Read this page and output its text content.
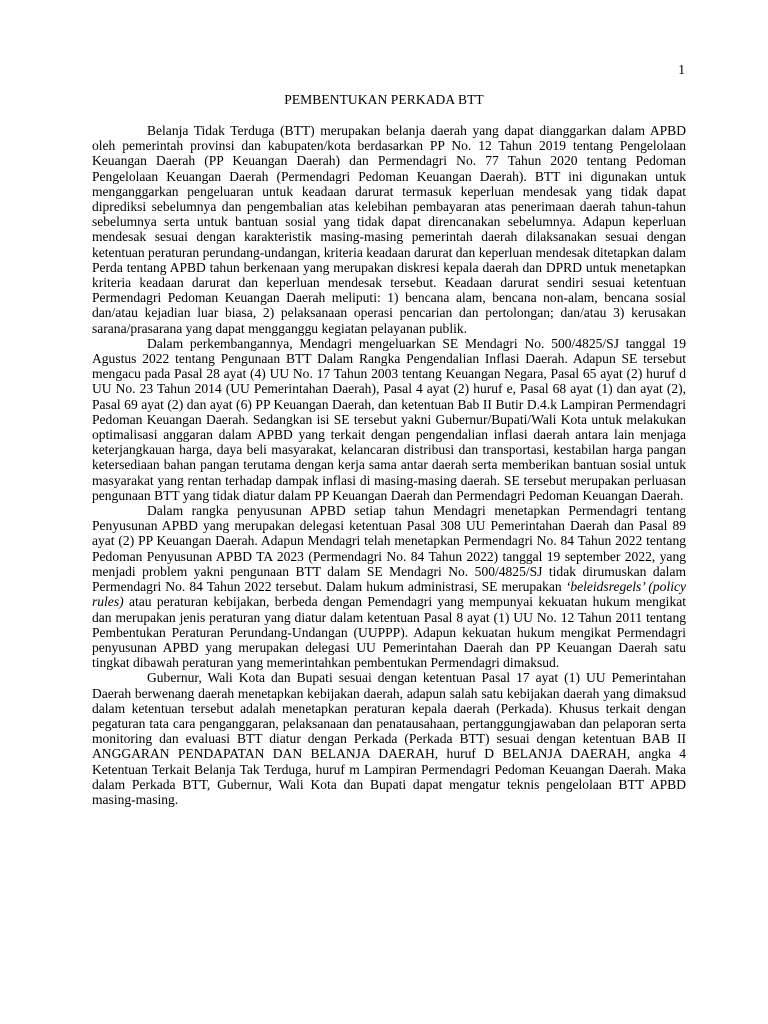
1
PEMBENTUKAN PERKADA BTT

Belanja Tidak Terduga (BTT) merupakan belanja daerah yang dapat dianggarkan dalam APBD oleh pemerintah provinsi dan kabupaten/kota berdasarkan PP No. 12 Tahun 2019 tentang Pengelolaan Keuangan Daerah (PP Keuangan Daerah) dan Permendagri No. 77 Tahun 2020 tentang Pedoman Pengelolaan Keuangan Daerah (Permendagri Pedoman Keuangan Daerah). BTT ini digunakan untuk menganggarkan pengeluaran untuk keadaan darurat termasuk keperluan mendesak yang tidak dapat diprediksi sebelumnya dan pengembalian atas kelebihan pembayaran atas penerimaan daerah tahun-tahun sebelumnya serta untuk bantuan sosial yang tidak dapat direncanakan sebelumnya. Adapun keperluan mendesak sesuai dengan karakteristik masing-masing pemerintah daerah dilaksanakan sesuai dengan ketentuan peraturan perundang-undangan, kriteria keadaan darurat dan keperluan mendesak ditetapkan dalam Perda tentang APBD tahun berkenaan yang merupakan diskresi kepala daerah dan DPRD untuk menetapkan kriteria keadaan darurat dan keperluan mendesak tersebut. Keadaan darurat sendiri sesuai ketentuan Permendagri Pedoman Keuangan Daerah meliputi: 1) bencana alam, bencana non-alam, bencana sosial dan/atau kejadian luar biasa, 2) pelaksanaan operasi pencarian dan pertolongan; dan/atau 3) kerusakan sarana/prasarana yang dapat mengganggu kegiatan pelayanan publik.

Dalam perkembangannya, Mendagri mengeluarkan SE Mendagri No. 500/4825/SJ tanggal 19 Agustus 2022 tentang Pengunaan BTT Dalam Rangka Pengendalian Inflasi Daerah. Adapun SE tersebut mengacu pada Pasal 28 ayat (4) UU No. 17 Tahun 2003 tentang Keuangan Negara, Pasal 65 ayat (2) huruf d UU No. 23 Tahun 2014 (UU Pemerintahan Daerah), Pasal 4 ayat (2) huruf e, Pasal 68 ayat (1) dan ayat (2), Pasal 69 ayat (2) dan ayat (6) PP Keuangan Daerah, dan ketentuan Bab II Butir D.4.k Lampiran Permendagri Pedoman Keuangan Daerah. Sedangkan isi SE tersebut yakni Gubernur/Bupati/Wali Kota untuk melakukan optimalisasi anggaran dalam APBD yang terkait dengan pengendalian inflasi daerah antara lain menjaga keterjangkauan harga, daya beli masyarakat, kelancaran distribusi dan transportasi, kestabilan harga pangan ketersediaan bahan pangan terutama dengan kerja sama antar daerah serta memberikan bantuan sosial untuk masyarakat yang rentan terhadap dampak inflasi di masing-masing daerah. SE tersebut merupakan perluasan pengunaan BTT yang tidak diatur dalam PP Keuangan Daerah dan Permendagri Pedoman Keuangan Daerah.

Dalam rangka penyusunan APBD setiap tahun Mendagri menetapkan Permendagri tentang Penyusunan APBD yang merupakan delegasi ketentuan Pasal 308 UU Pemerintahan Daerah dan Pasal 89 ayat (2) PP Keuangan Daerah. Adapun Mendagri telah menetapkan Permendagri No. 84 Tahun 2022 tentang Pedoman Penyusunan APBD TA 2023 (Permendagri No. 84 Tahun 2022) tanggal 19 september 2022, yang menjadi problem yakni pengunaan BTT dalam SE Mendagri No. 500/4825/SJ tidak dirumuskan dalam Permendagri No. 84 Tahun 2022 tersebut. Dalam hukum administrasi, SE merupakan ‘beleidsregels’ (policy rules) atau peraturan kebijakan, berbeda dengan Pemendagri yang mempunyai kekuatan hukum mengikat dan merupakan jenis peraturan yang diatur dalam ketentuan Pasal 8 ayat (1) UU No. 12 Tahun 2011 tentang Pembentukan Peraturan Perundang-Undangan (UUPPP). Adapun kekuatan hukum mengikat Permendagri penyusunan APBD yang merupakan delegasi UU Pemerintahan Daerah dan PP Keuangan Daerah satu tingkat dibawah peraturan yang memerintahkan pembentukan Permendagri dimaksud.

Gubernur, Wali Kota dan Bupati sesuai dengan ketentuan Pasal 17 ayat (1) UU Pemerintahan Daerah berwenang daerah menetapkan kebijakan daerah, adapun salah satu kebijakan daerah yang dimaksud dalam ketentuan tersebut adalah menetapkan peraturan kepala daerah (Perkada). Khusus terkait dengan pegaturan tata cara penganggaran, pelaksanaan dan penatausahaan, pertanggungjawaban dan pelaporan serta monitoring dan evaluasi BTT diatur dengan Perkada (Perkada BTT) sesuai dengan ketentuan BAB II ANGGARAN PENDAPATAN DAN BELANJA DAERAH, huruf D BELANJA DAERAH, angka 4 Ketentuan Terkait Belanja Tak Terduga, huruf m Lampiran Permendagri Pedoman Keuangan Daerah. Maka dalam Perkada BTT, Gubernur, Wali Kota dan Bupati dapat mengatur teknis pengelolaan BTT APBD masing-masing.
